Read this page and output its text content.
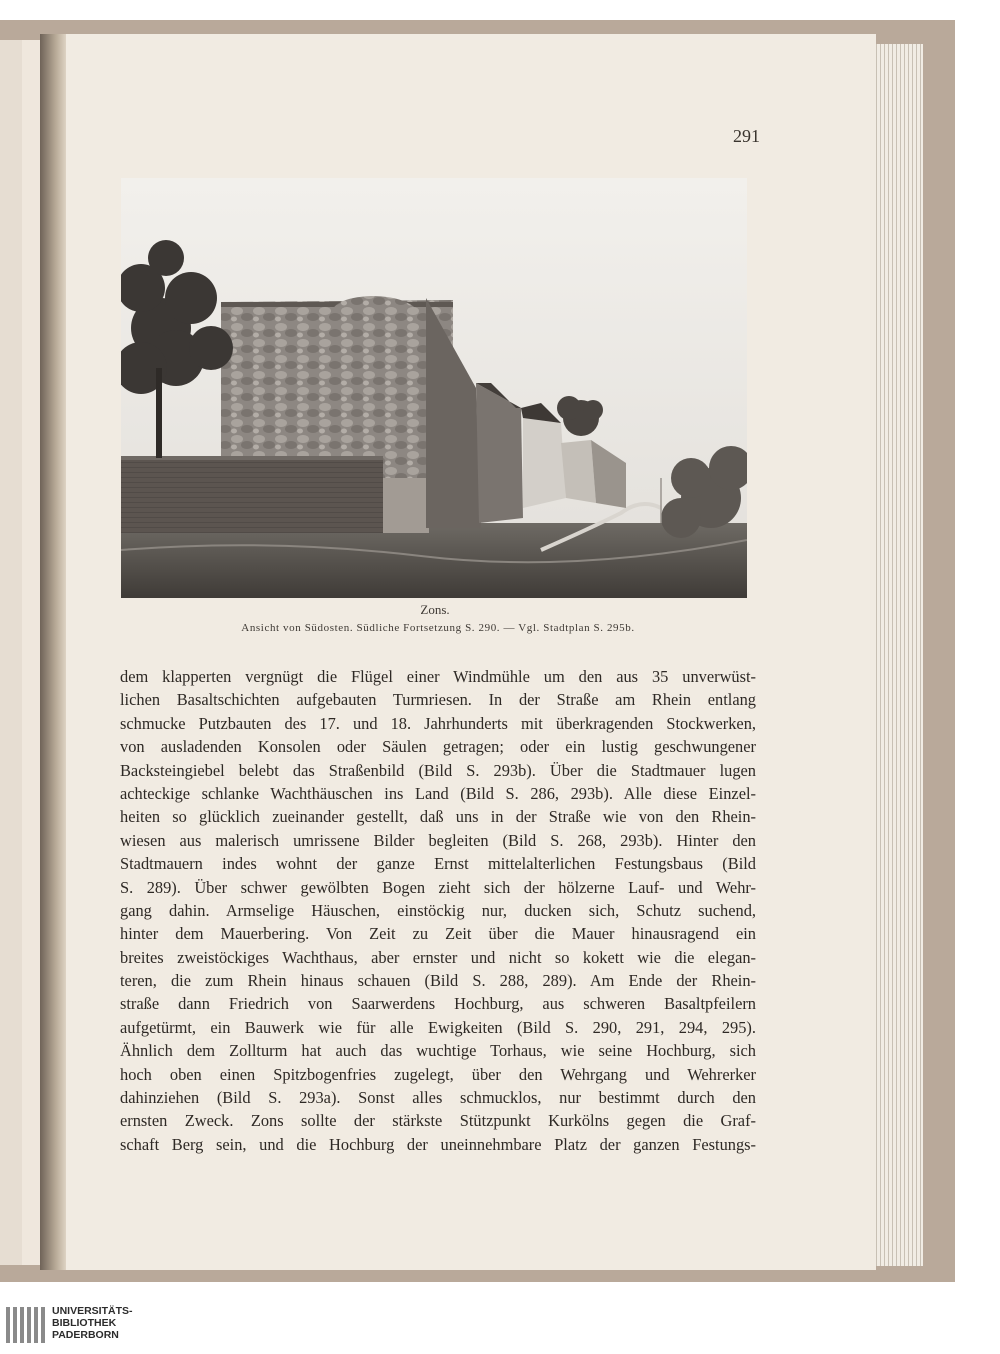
291
Zons.
Ansicht von Südosten. Südliche Fortsetzung S. 290. — Vgl. Stadtplan S. 295b.
dem klapperten vergnügt die Flügel einer Windmühle um den aus 35 unverwüst-
lichen Basaltschichten aufgebauten Turmriesen. In der Straße am Rhein entlang
schmucke Putzbauten des 17. und 18. Jahrhunderts mit überkragenden Stockwerken,
von ausladenden Konsolen oder Säulen getragen; oder ein lustig geschwungener
Backsteingiebel belebt das Straßenbild (Bild S. 293b). Über die Stadtmauer lugen
achteckige schlanke Wachthäuschen ins Land (Bild S. 286, 293b). Alle diese Einzel-
heiten so glücklich zueinander gestellt, daß uns in der Straße wie von den Rhein-
wiesen aus malerisch umrissene Bilder begleiten (Bild S. 268, 293b). Hinter den
Stadtmauern indes wohnt der ganze Ernst mittelalterlichen Festungsbaus (Bild
S. 289). Über schwer gewölbten Bogen zieht sich der hölzerne Lauf- und Wehr-
gang dahin. Armselige Häuschen, einstöckig nur, ducken sich, Schutz suchend,
hinter dem Mauerbering. Von Zeit zu Zeit über die Mauer hinausragend ein
breites zweistöckiges Wachthaus, aber ernster und nicht so kokett wie die elegan-
teren, die zum Rhein hinaus schauen (Bild S. 288, 289). Am Ende der Rhein-
straße dann Friedrich von Saarwerdens Hochburg, aus schweren Basaltpfeilern
aufgetürmt, ein Bauwerk wie für alle Ewigkeiten (Bild S. 290, 291, 294, 295).
Ähnlich dem Zollturm hat auch das wuchtige Torhaus, wie seine Hochburg, sich
hoch oben einen Spitzbogenfries zugelegt, über den Wehrgang und Wehrerker
dahinziehen (Bild S. 293a). Sonst alles schmucklos, nur bestimmt durch den
ernsten Zweck. Zons sollte der stärkste Stützpunkt Kurkölns gegen die Graf-
schaft Berg sein, und die Hochburg der uneinnehmbare Platz der ganzen Festungs-
UNIVERSITÄTS-
BIBLIOTHEK
PADERBORN
